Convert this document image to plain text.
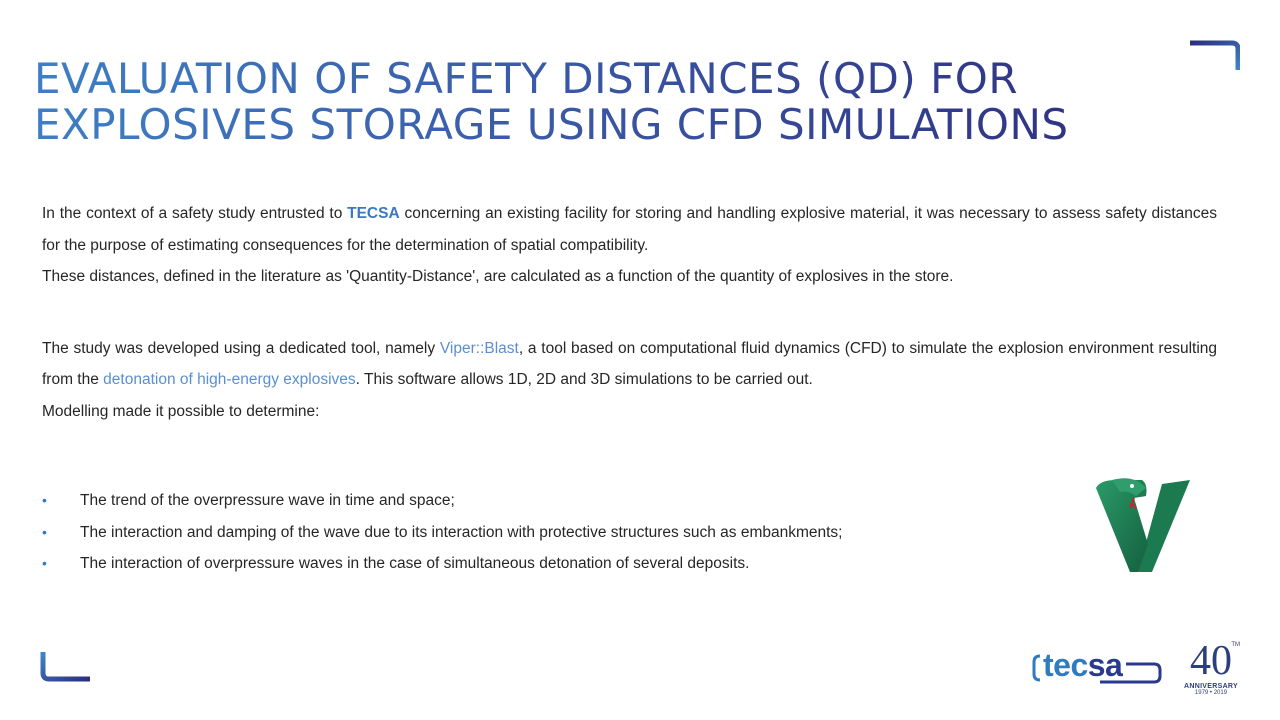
EVALUATION OF SAFETY DISTANCES (QD) FOR
EXPLOSIVES STORAGE USING CFD SIMULATIONS

In the context of a safety study entrusted to TECSA concerning an existing facility for storing and handling explosive material, it was necessary to assess safety distances for the purpose of estimating consequences for the determination of spatial compatibility.

These distances, defined in the literature as 'Quantity-Distance', are calculated as a function of the quantity of explosives in the store.

The study was developed using a dedicated tool, namely Viper::Blast, a tool based on computational fluid dynamics (CFD) to simulate the explosion environment resulting from the detonation of high-energy explosives. This software allows 1D, 2D and 3D simulations to be carried out.

Modelling made it possible to determine:

• The trend of the overpressure wave in time and space;
• The interaction and damping of the wave due to its interaction with protective structures such as embankments;
• The interaction of overpressure waves in the case of simultaneous detonation of several deposits.
tecsa	40 TM
ANNIVERSARY
1979 • 2019
